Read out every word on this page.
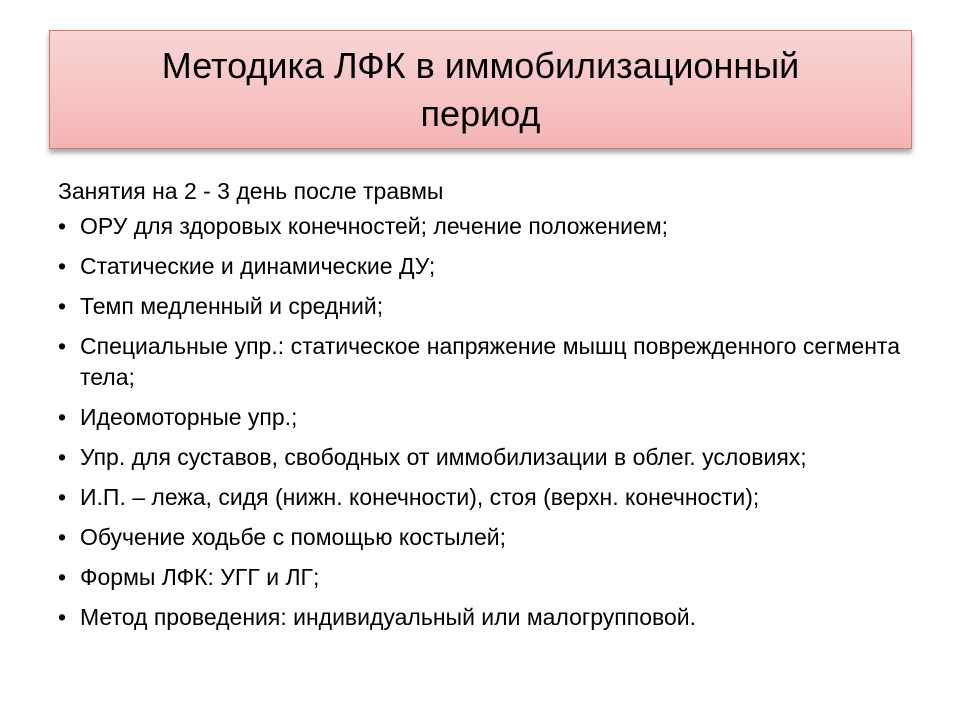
Методика ЛФК в иммобилизационный период

Занятия на 2 - 3 день после травмы

• ОРУ для здоровых конечностей; лечение положением;
• Статические и динамические ДУ;
• Темп медленный и средний;
• Специальные упр.: статическое напряжение мышц поврежденного сегмента тела;
• Идеомоторные упр.;
• Упр. для суставов, свободных от иммобилизации в облег. условиях;
• И.П. – лежа, сидя (нижн. конечности), стоя (верхн. конечности);
• Обучение ходьбе с помощью костылей;
• Формы ЛФК: УГГ и ЛГ;
• Метод проведения: индивидуальный или малогрупповой.
